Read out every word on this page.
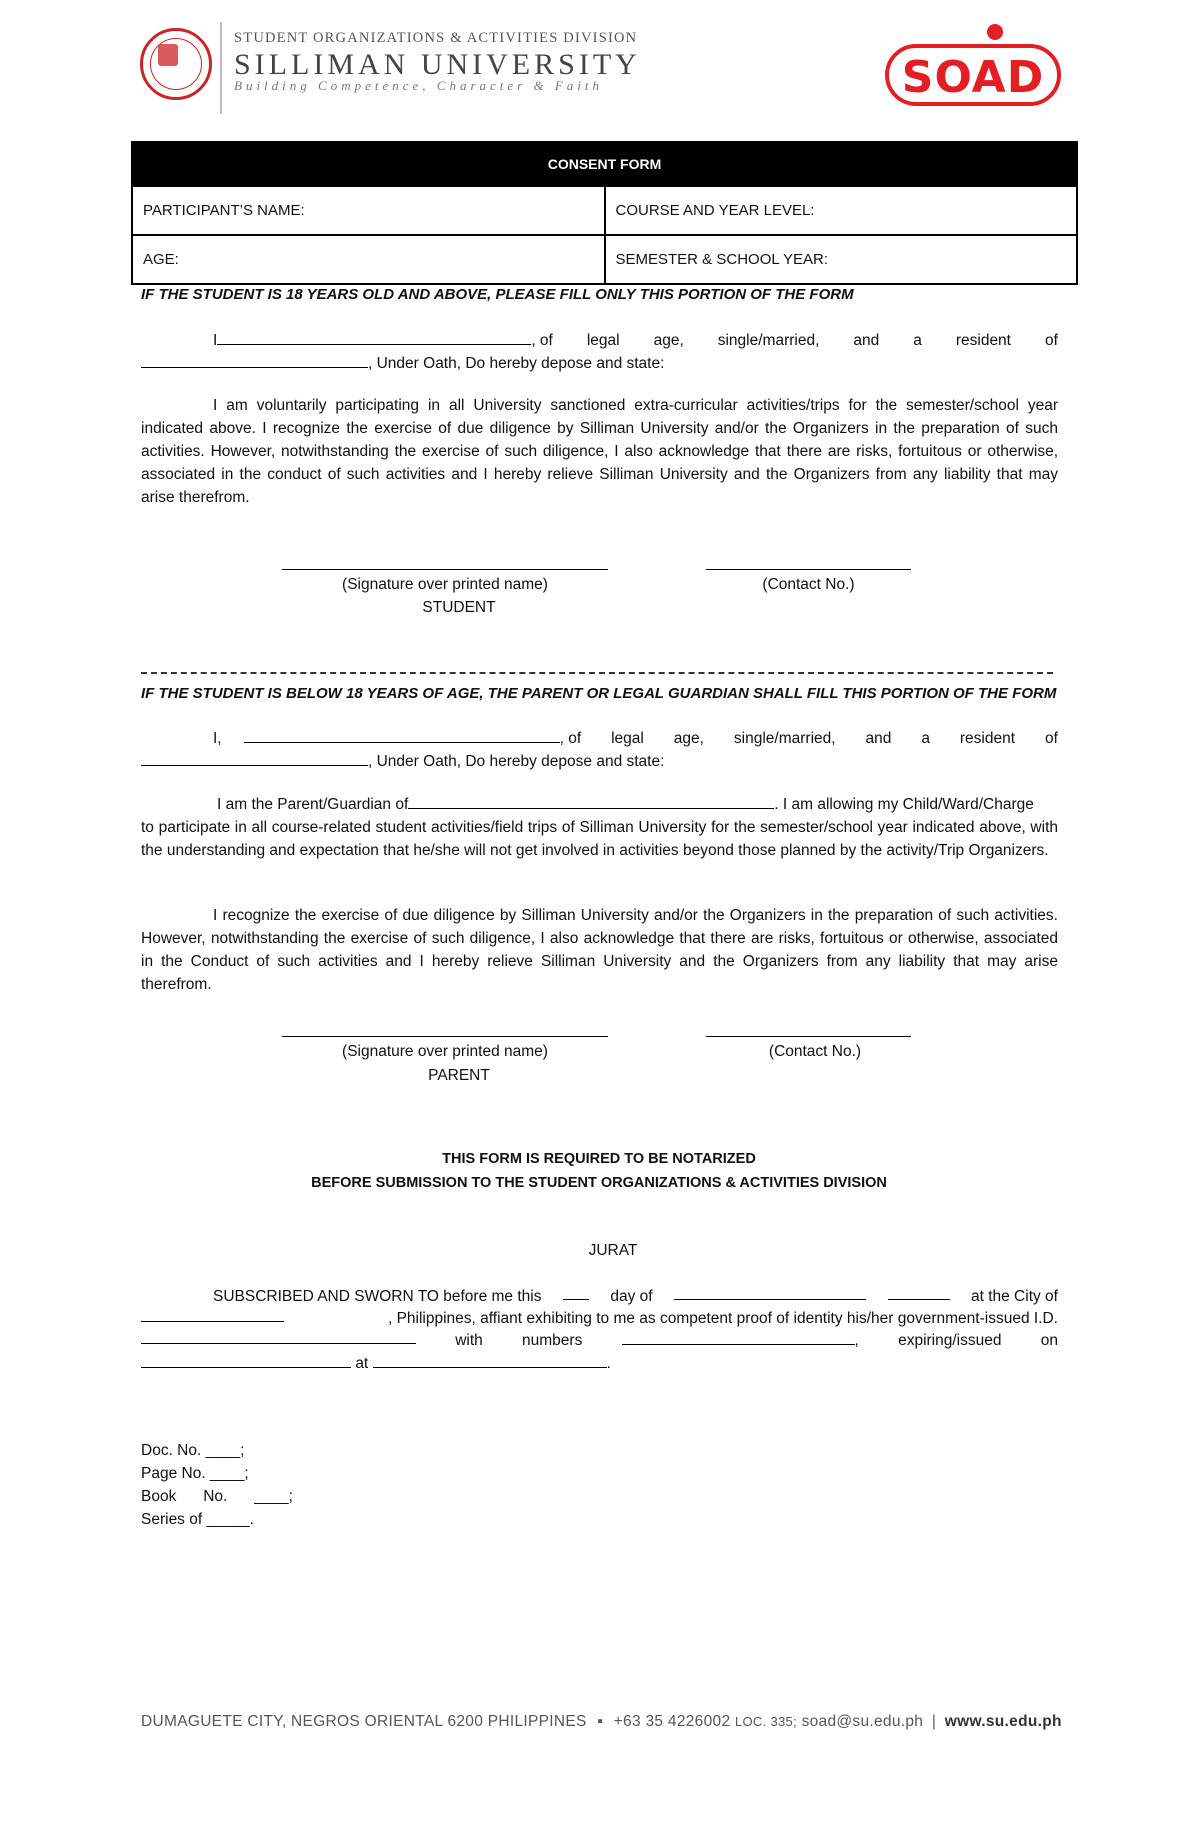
STUDENT ORGANIZATIONS & ACTIVITIES DIVISION
SILLIMAN UNIVERSITY
Building Competence, Character & Faith	SOAD
CONSENT FORM	
PARTICIPANT’S NAME:	COURSE AND YEAR LEVEL:
AGE:	SEMESTER & SCHOOL YEAR:
IF THE STUDENT IS 18 YEARS OLD AND ABOVE, PLEASE FILL ONLY THIS PORTION OF THE FORM
I	, of legal age, single/married, and a resident of
, Under Oath, Do hereby depose and state:
I am voluntarily participating in all University sanctioned extra-curricular activities/trips for the semester/school year indicated above. I recognize the exercise of due diligence by Silliman University and/or the Organizers in the preparation of such activities. However, notwithstanding the exercise of such diligence, I also acknowledge that there are risks, fortuitous or otherwise, associated in the conduct of such activities and I hereby relieve Silliman University and the Organizers from any liability that may arise therefrom.
(Signature over printed name)
STUDENT
(Contact No.)
IF THE STUDENT IS BELOW 18 YEARS OF AGE, THE PARENT OR LEGAL GUARDIAN SHALL FILL THIS PORTION OF THE FORM
I,	, of legal age, single/married, and a resident of
, Under Oath, Do hereby depose and state:
I am the Parent/Guardian of	. I am allowing my Child/Ward/Charge
to participate in all course-related student activities/field trips of Silliman University for the semester/school year indicated above, with the understanding and expectation that he/she will not get involved in activities beyond those planned by the activity/Trip Organizers.
I recognize the exercise of due diligence by Silliman University and/or the Organizers in the preparation of such activities. However, notwithstanding the exercise of such diligence, I also acknowledge that there are risks, fortuitous or otherwise, associated in the Conduct of such activities and I hereby relieve Silliman University and the Organizers from any liability that may arise therefrom.
(Signature over printed name)
PARENT
(Contact No.)
THIS FORM IS REQUIRED TO BE NOTARIZED
BEFORE SUBMISSION TO THE STUDENT ORGANIZATIONS & ACTIVITIES DIVISION
JURAT
SUBSCRIBED AND SWORN TO before me this	day of	at the City of
, Philippines, affiant exhibiting to me as competent proof of identity his/her government-issued I.D.
with	numbers	,	expiring/issued	on
at	.
Doc. No. ____;
Page No. ____;
Book No. ____;
Series of _____.
DUMAGUETE CITY, NEGROS ORIENTAL 6200 PHILIPPINES ▪ +63 35 4226002 LOC. 335; soad@su.edu.ph | www.su.edu.ph
